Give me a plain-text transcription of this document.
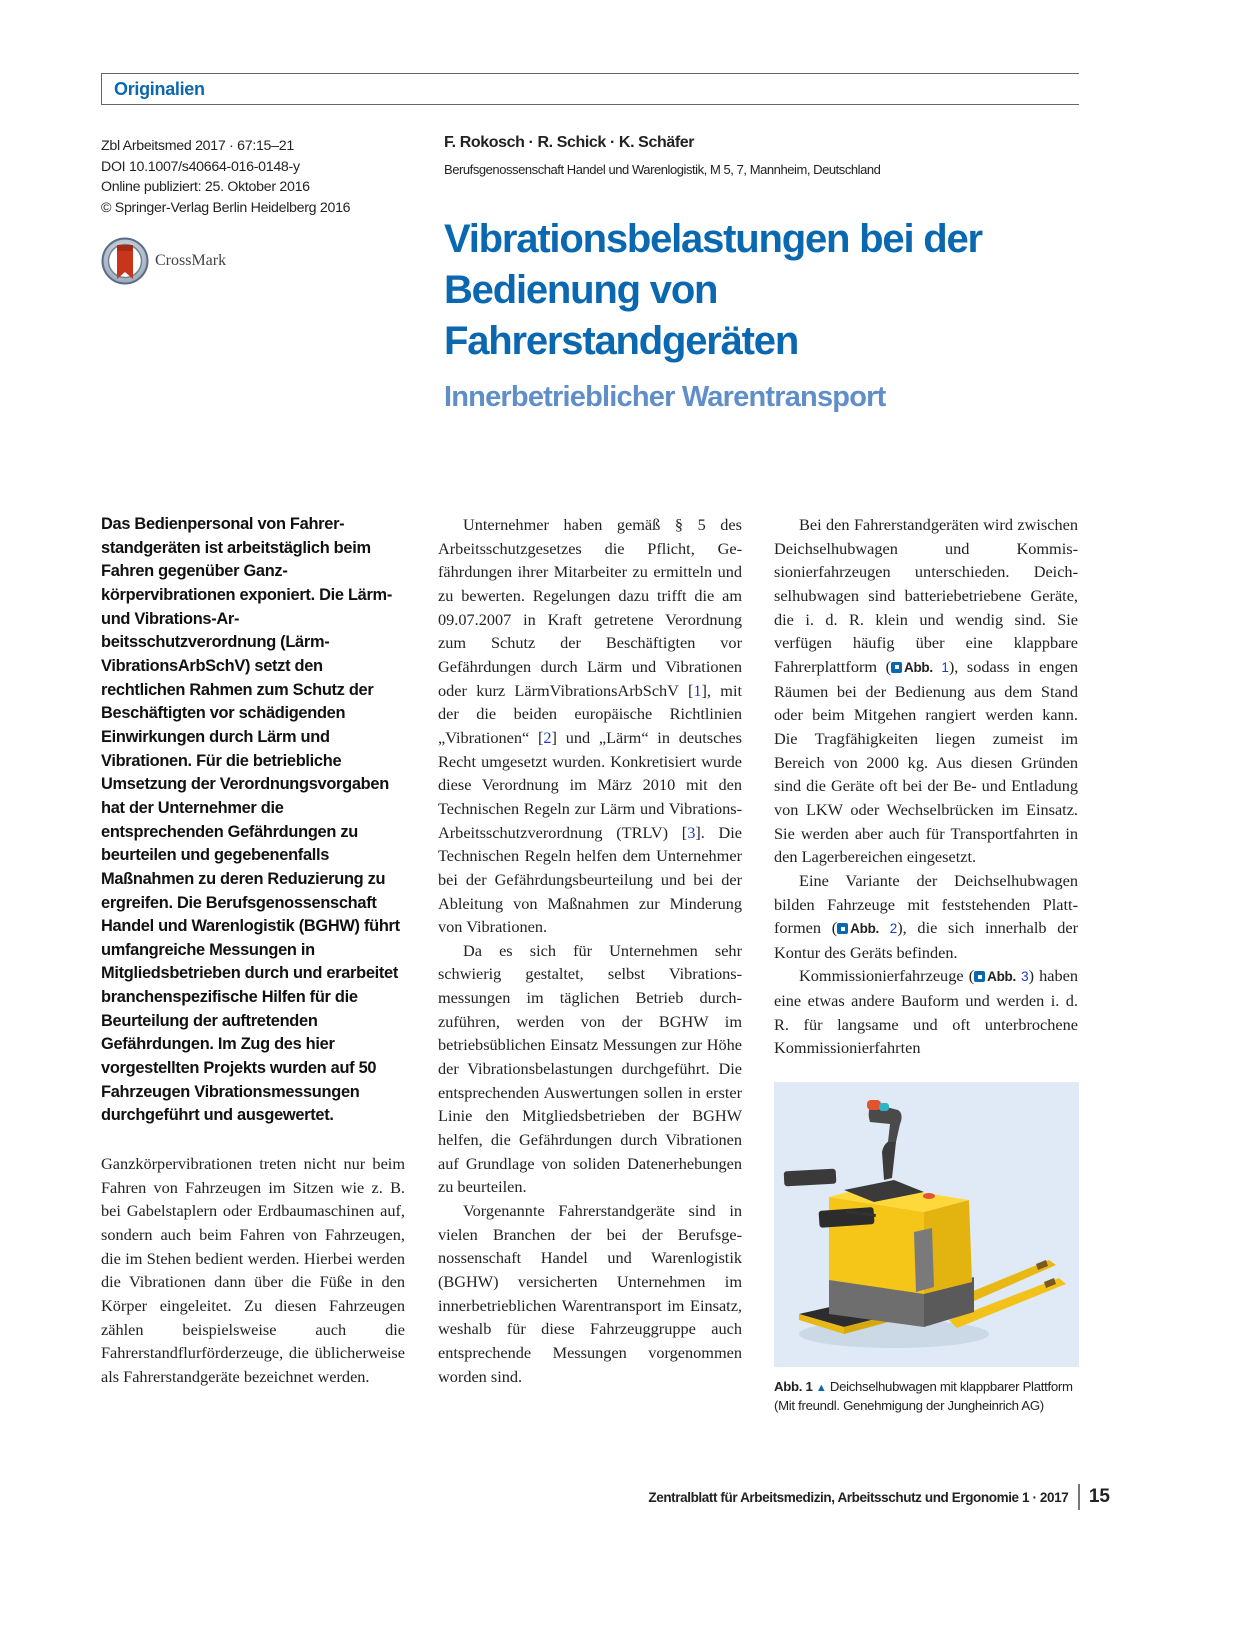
Originalien
Zbl Arbeitsmed 2017 · 67:15–21
DOI 10.1007/s40664-016-0148-y
Online publiziert: 25. Oktober 2016
© Springer-Verlag Berlin Heidelberg 2016
CrossMark
F. Rokosch · R. Schick · K. Schäfer
Berufsgenossenschaft Handel und Warenlogistik, M 5, 7, Mannheim, Deutschland
Vibrationsbelastungen bei der
Bedienung von
Fahrerstandgeräten
Innerbetrieblicher Warentransport

Das Bedienpersonal von Fahrerstandgeräten ist arbeitstäglich beim Fahren gegenüber Ganzkörpervibrationen exponiert. Die Lärm- und Vibrations-Arbeitsschutzverordnung (Lärm-VibrationsArbSchV) setzt den rechtlichen Rahmen zum Schutz der Beschäftigten vor schädigenden Einwirkungen durch Lärm und Vibrationen. Für die betriebliche Umsetzung der Verordnungsvorgaben hat der Unternehmer die entsprechenden Gefährdungen zu beurteilen und gegebenenfalls Maßnahmen zu deren Reduzierung zu ergreifen. Die Berufsgenossenschaft Handel und Warenlogistik (BGHW) führt umfangreiche Messungen in Mitgliedsbetrieben durch und erarbeitet branchenspezifische Hilfen für die Beurteilung der auftretenden Gefährdungen. Im Zug des hier vorgestellten Projekts wurden auf 50 Fahrzeugen Vibrationsmessungen durchgeführt und ausgewertet.

Ganzkörpervibrationen treten nicht nur beim Fahren von Fahrzeugen im Sitzen wie z. B. bei Gabelstaplern oder Erdbaumaschinen auf, sondern auch beim Fahren von Fahrzeugen, die im Stehen bedient werden. Hierbei werden die Vibrationen dann über die Füße in den Körper eingeleitet. Zu diesen Fahrzeugen zählen beispielsweise auch die Fahrerstandflurförderzeuge, die üblicherweise als Fahrerstandgeräte bezeichnet werden.

Unternehmer haben gemäß § 5 des Arbeitsschutzgesetzes die Pflicht, Gefährdungen ihrer Mitarbeiter zu ermitteln und zu bewerten. Regelungen dazu trifft die am 09.07.2007 in Kraft getretene Verordnung zum Schutz der Beschäftigten vor Gefährdungen durch Lärm und Vibrationen oder kurz LärmVibrationsArbSchV [1], mit der die beiden europäische Richtlinien „Vibrationen“ [2] und „Lärm“ in deutsches Recht umgesetzt wurden. Konkretisiert wurde diese Verordnung im März 2010 mit den Technischen Regeln zur Lärm und Vibrations-Arbeitsschutzverordnung (TRLV) [3]. Die Technischen Regeln helfen dem Unternehmer bei der Gefährdungsbeurteilung und bei der Ableitung von Maßnahmen zur Minderung von Vibrationen.

Da es sich für Unternehmen sehr schwierig gestaltet, selbst Vibrationsmessungen im täglichen Betrieb durchzuführen, werden von der BGHW im betriebsüblichen Einsatz Messungen zur Höhe der Vibrationsbelastungen durchgeführt. Die entsprechenden Auswertungen sollen in erster Linie den Mitgliedsbetrieben der BGHW helfen, die Gefährdungen durch Vibrationen auf Grundlage von soliden Datenerhebungen zu beurteilen.

Vorgenannte Fahrerstandgeräte sind in vielen Branchen der bei der Berufsgenossenschaft Handel und Warenlogistik (BGHW) versicherten Unternehmen im innerbetrieblichen Warentransport im Einsatz, weshalb für diese Fahrzeuggruppe auch entsprechende Messungen vorgenommen worden sind.

Bei den Fahrerstandgeräten wird zwischen Deichselhubwagen und Kommissionierfahrzeugen unterschieden. Deichselhubwagen sind batteriebetriebene Geräte, die i. d. R. klein und wendig sind. Sie verfügen häufig über eine klappbare Fahrerplattform ( Abb. 1), sodass in engen Räumen bei der Bedienung aus dem Stand oder beim Mitgehen rangiert werden kann. Die Tragfähigkeiten liegen zumeist im Bereich von 2000 kg. Aus diesen Gründen sind die Geräte oft bei der Be- und Entladung von LKW oder Wechselbrücken im Einsatz. Sie werden aber auch für Transportfahrten in den Lagerbereichen eingesetzt.

Eine Variante der Deichselhubwagen bilden Fahrzeuge mit feststehenden Plattformen ( Abb. 2), die sich innerhalb der Kontur des Geräts befinden.

Kommissionierfahrzeuge ( Abb. 3) haben eine etwas andere Bauform und werden i. d. R. für langsame und oft unterbrochene Kommissionierfahrten

Abb. 1 ▲ Deichselhubwagen mit klappbarer Plattform (Mit freundl. Genehmigung der Jungheinrich AG)
Zentralblatt für Arbeitsmedizin, Arbeitsschutz und Ergonomie 1 · 2017 15
